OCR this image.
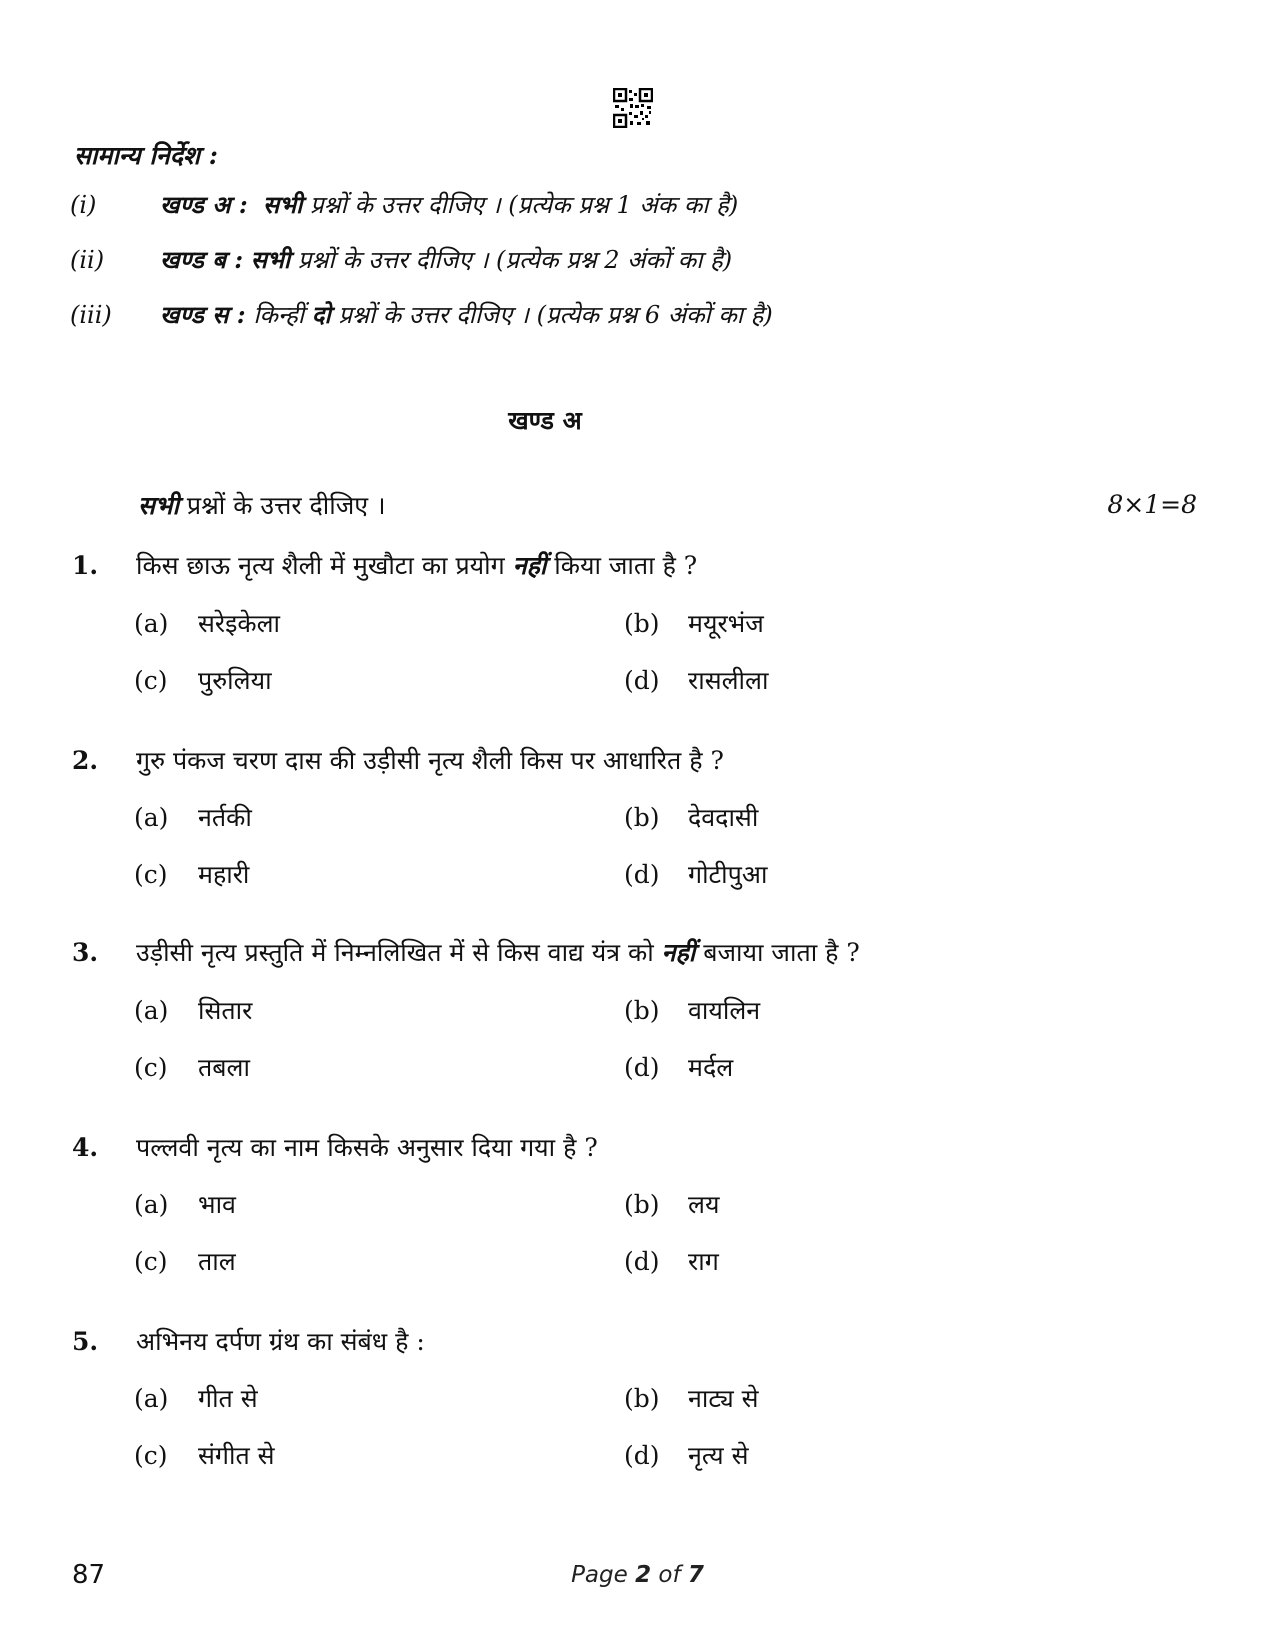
सामान्य निर्देश :
(i)	खण्ड अ : सभी प्रश्नों के उत्तर दीजिए । (प्रत्येक प्रश्न 1 अंक का है)
(ii) खण्ड ब : सभी प्रश्नों के उत्तर दीजिए । (प्रत्येक प्रश्न 2 अंकों का है)
(iii) खण्ड स : किन्हीं दो प्रश्नों के उत्तर दीजिए । (प्रत्येक प्रश्न 6 अंकों का है)
खण्ड अ
सभी प्रश्नों के उत्तर दीजिए ।	8×1=8
1. किस छाऊ नृत्य शैली में मुखौटा का प्रयोग नहीं किया जाता है ?
(a) सरेइकेला	(b) मयूरभंज
(c) पुरुलिया	(d) रासलीला
2. गुरु पंकज चरण दास की उड़ीसी नृत्य शैली किस पर आधारित है ?
(a) नर्तकी	(b) देवदासी
(c) महारी	(d) गोटीपुआ
3. उड़ीसी नृत्य प्रस्तुति में निम्नलिखित में से किस वाद्य यंत्र को नहीं बजाया जाता है ?
(a) सितार	(b) वायलिन
(c) तबला	(d) मर्दल
4. पल्लवी नृत्य का नाम किसके अनुसार दिया गया है ?
(a) भाव	(b) लय
(c) ताल	(d) राग
5. अभिनय दर्पण ग्रंथ का संबंध है :
(a) गीत से	(b) नाट्य से
(c) संगीत से	(d) नृत्य से
87	Page 2 of 7
